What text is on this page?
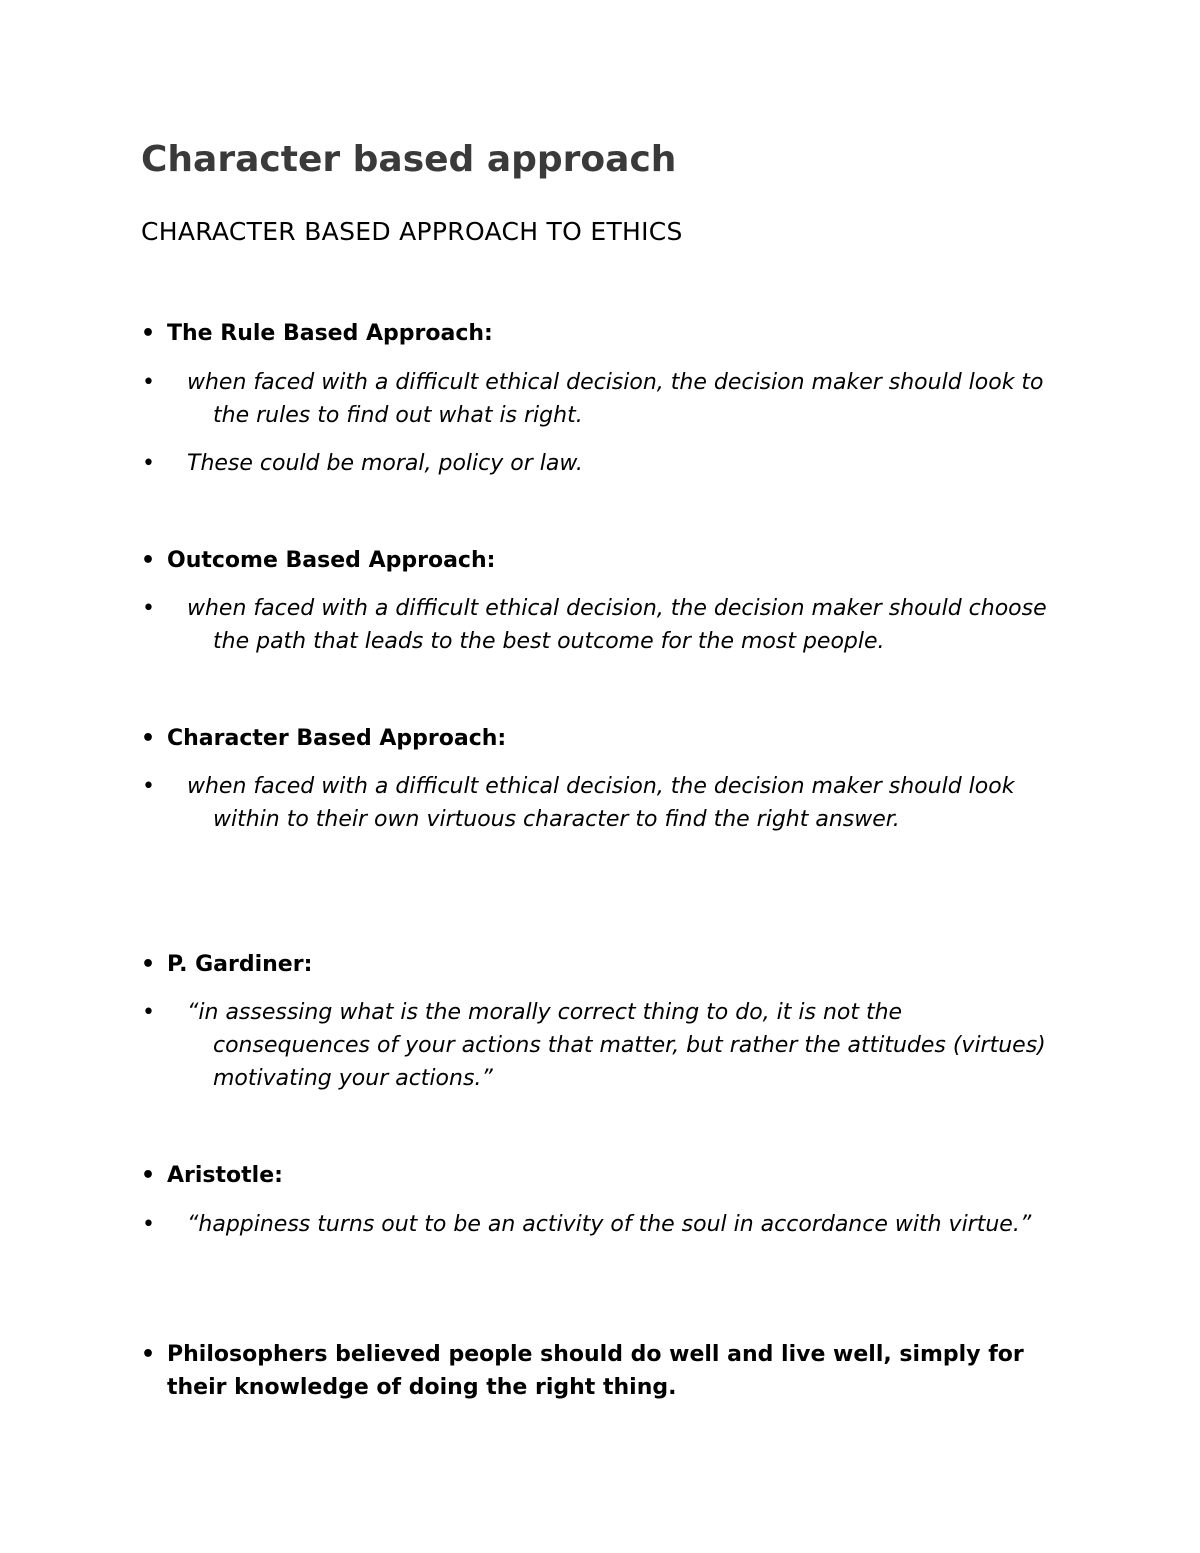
Character based approach
CHARACTER BASED APPROACH TO ETHICS
• The Rule Based Approach:
• when faced with a difficult ethical decision, the decision maker should look to the rules to find out what is right.
• These could be moral, policy or law.
• Outcome Based Approach:
• when faced with a difficult ethical decision, the decision maker should choose the path that leads to the best outcome for the most people.
• Character Based Approach:
• when faced with a difficult ethical decision, the decision maker should look within to their own virtuous character to find the right answer.
• P. Gardiner:
• “in assessing what is the morally correct thing to do, it is not the consequences of your actions that matter, but rather the attitudes (virtues) motivating your actions.”
• Aristotle:
• “happiness turns out to be an activity of the soul in accordance with virtue.”
• Philosophers believed people should do well and live well, simply for their knowledge of doing the right thing.
